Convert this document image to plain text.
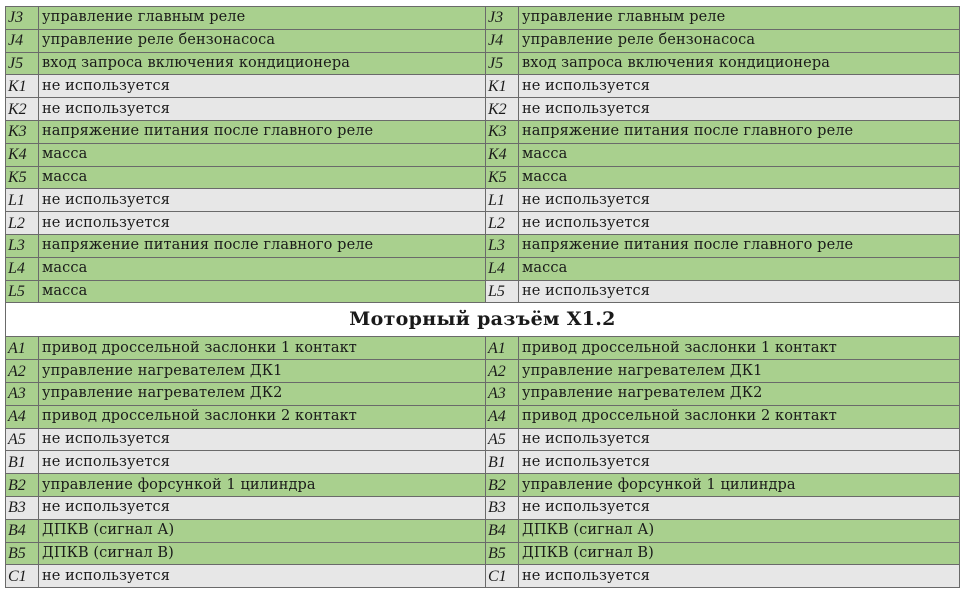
J3	управление главным реле	J3	управление главным реле
J4	управление реле бензонасоса	J4	управление реле бензонасоса
J5	вход запроса включения кондиционера	J5	вход запроса включения кондиционера
K1	не используется	K1	не используется
K2	не используется	K2	не используется
K3	напряжение питания после главного реле	K3	напряжение питания после главного реле
K4	масса	K4	масса
K5	масса	K5	масса
L1	не используется	L1	не используется
L2	не используется	L2	не используется
L3	напряжение питания после главного реле	L3	напряжение питания после главного реле
L4	масса	L4	масса
L5	масса	L5	не используется
Моторный разъём X1.2			
A1	привод дроссельной заслонки 1 контакт	A1	привод дроссельной заслонки 1 контакт
A2	управление нагревателем ДК1	A2	управление нагревателем ДК1
A3	управление нагревателем ДК2	A3	управление нагревателем ДК2
A4	привод дроссельной заслонки 2 контакт	A4	привод дроссельной заслонки 2 контакт
A5	не используется	A5	не используется
B1	не используется	B1	не используется
B2	управление форсункой 1 цилиндра	B2	управление форсункой 1 цилиндра
B3	не используется	B3	не используется
B4	ДПКВ (сигнал А)	B4	ДПКВ (сигнал А)
B5	ДПКВ (сигнал В)	B5	ДПКВ (сигнал В)
C1	не используется	C1	не используется
